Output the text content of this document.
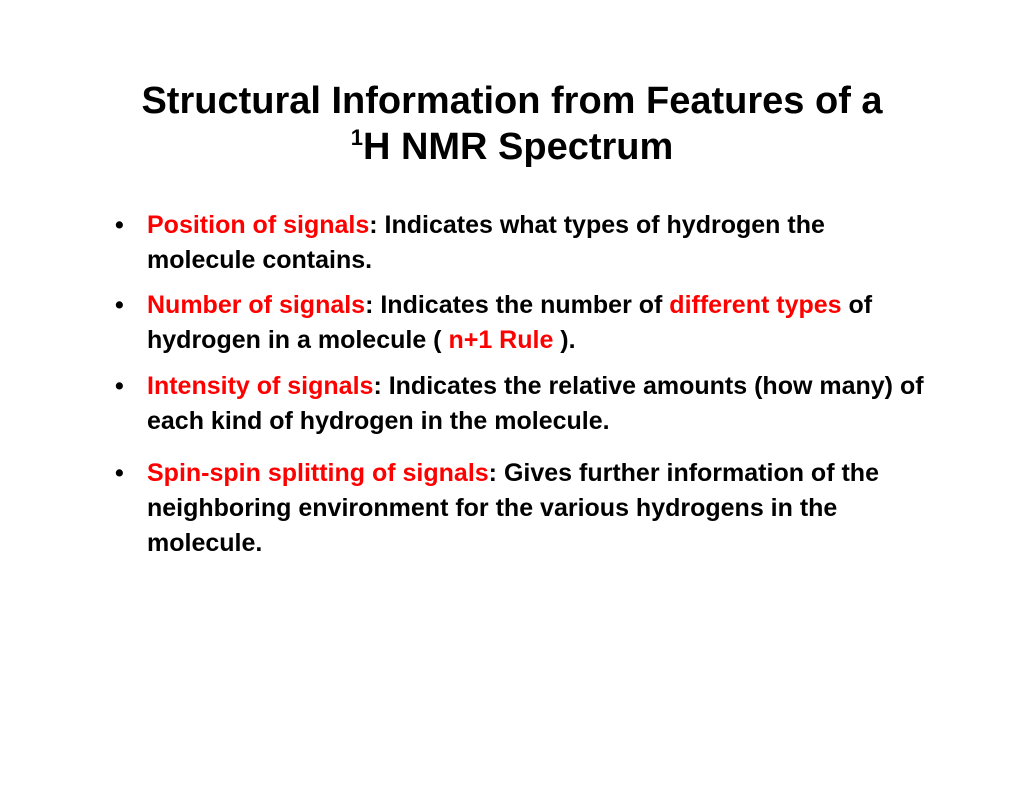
Structural Information from Features of a
$^1$H NMR Spectrum
• Position of signals: Indicates what types of hydrogen the molecule contains.
• Number of signals: Indicates the number of different types of hydrogen in a molecule ( n+1 Rule ).
• Intensity of signals: Indicates the relative amounts (how many) of each kind of hydrogen in the molecule.
• Spin-spin splitting of signals: Gives further information of the neighboring environment for the various hydrogens in the molecule.
